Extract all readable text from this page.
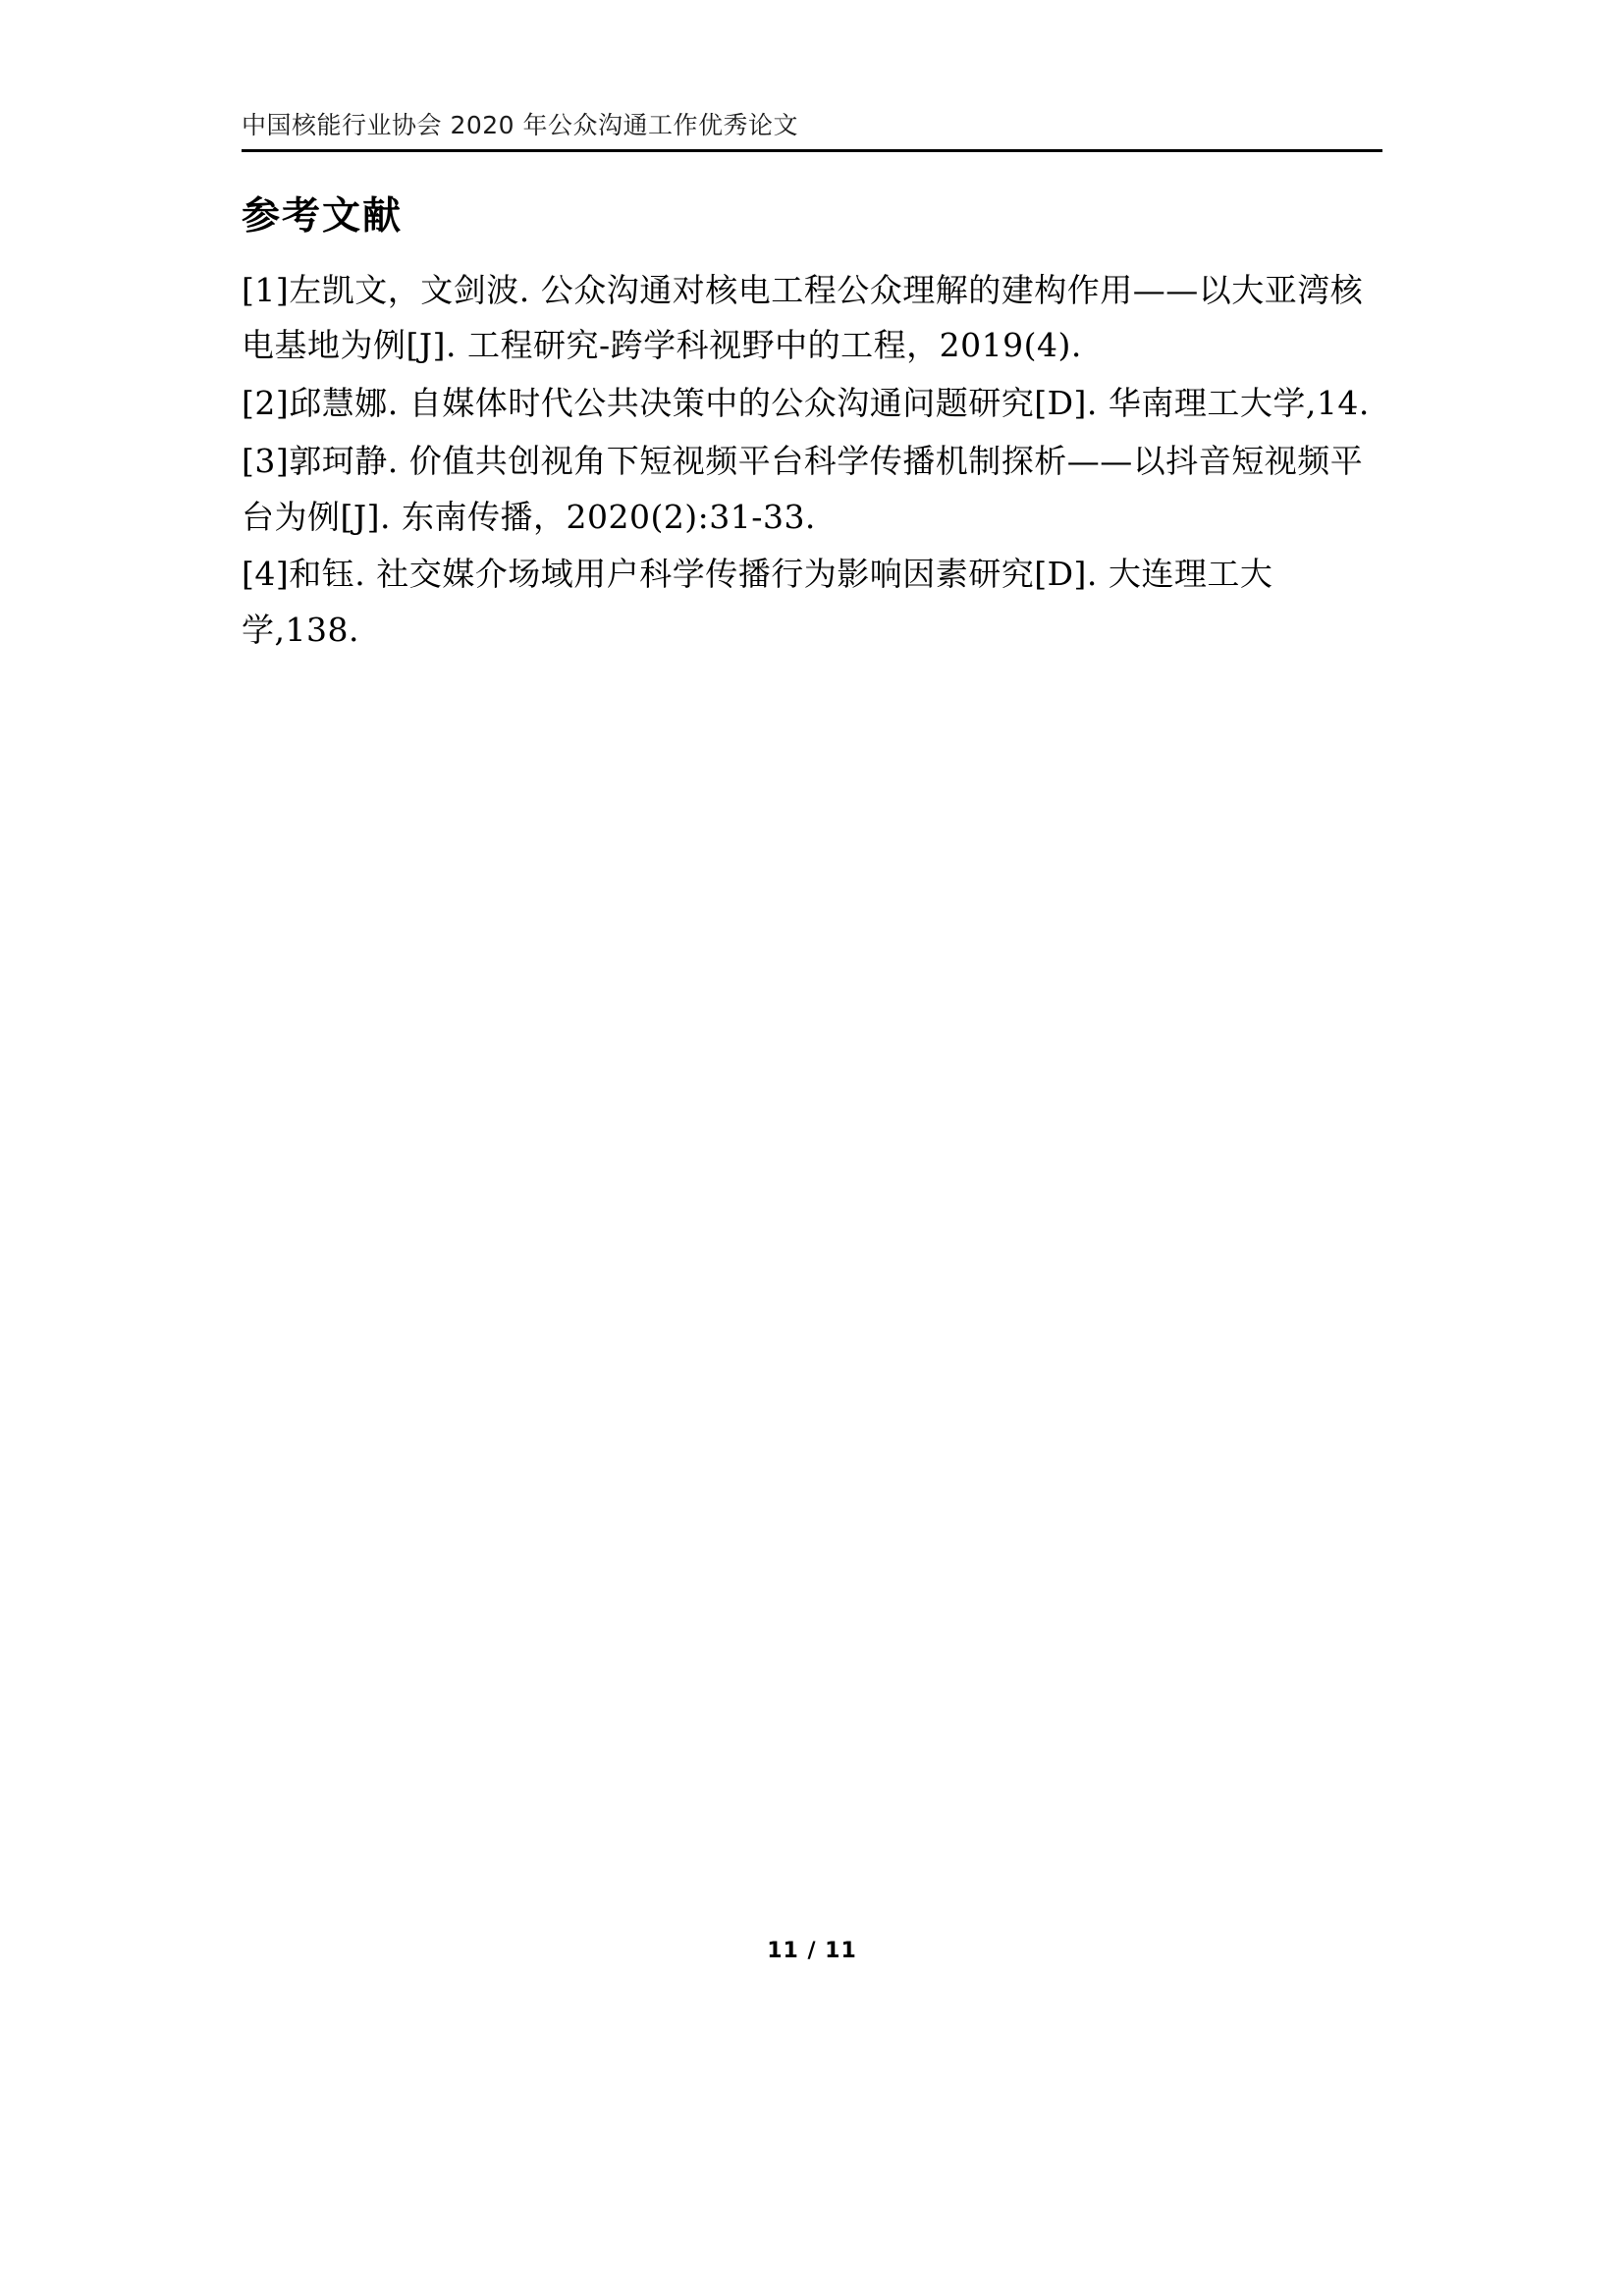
中国核能行业协会 2020 年公众沟通工作优秀论文
参考文献
[1]左凯文，文剑波. 公众沟通对核电工程公众理解的建构作用——以大亚湾核电基地为例[J]. 工程研究-跨学科视野中的工程，2019(4).
[2]邱慧娜. 自媒体时代公共决策中的公众沟通问题研究[D]. 华南理工大学,14.
[3]郭珂静. 价值共创视角下短视频平台科学传播机制探析——以抖音短视频平台为例[J]. 东南传播，2020(2):31-33.
[4]和钰. 社交媒介场域用户科学传播行为影响因素研究[D]. 大连理工大学,138.
11 / 11
